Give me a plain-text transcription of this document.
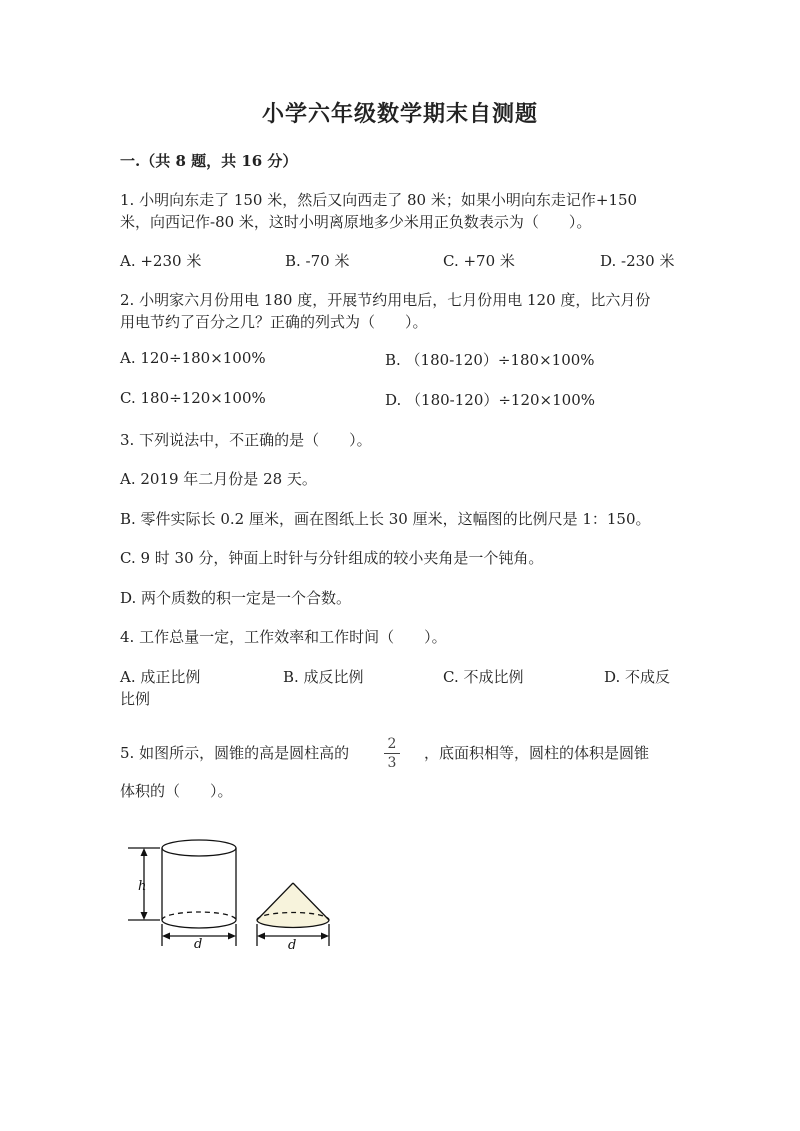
小学六年级数学期末自测题
一.（共 8 题，共 16 分）
1. 小明向东走了 150 米，然后又向西走了 80 米；如果小明向东走记作+150
米，向西记作-80 米，这时小明离原地多少米用正负数表示为（　　）。
A. +230 米	B. -70 米	C. +70 米	D. -230 米
2. 小明家六月份用电 180 度，开展节约用电后，七月份用电 120 度，比六月份
用电节约了百分之几？正确的列式为（　　）。
A. 120÷180×100%	B. （180-120）÷180×100%
C. 180÷120×100%	D. （180-120）÷120×100%
3. 下列说法中，不正确的是（　　）。
A. 2019 年二月份是 28 天。
B. 零件实际长 0.2 厘米，画在图纸上长 30 厘米，这幅图的比例尺是 1：150。
C. 9 时 30 分，钟面上时针与分针组成的较小夹角是一个钝角。
D. 两个质数的积一定是一个合数。
4. 工作总量一定，工作效率和工作时间（　　）。
A. 成正比例	B. 成反比例	C. 不成比例	D. 不成反
比例
5. 如图所示，圆锥的高是圆柱高的	2
3
，底面积相等，圆柱的体积是圆锥
体积的（　　）。
h
d	d
